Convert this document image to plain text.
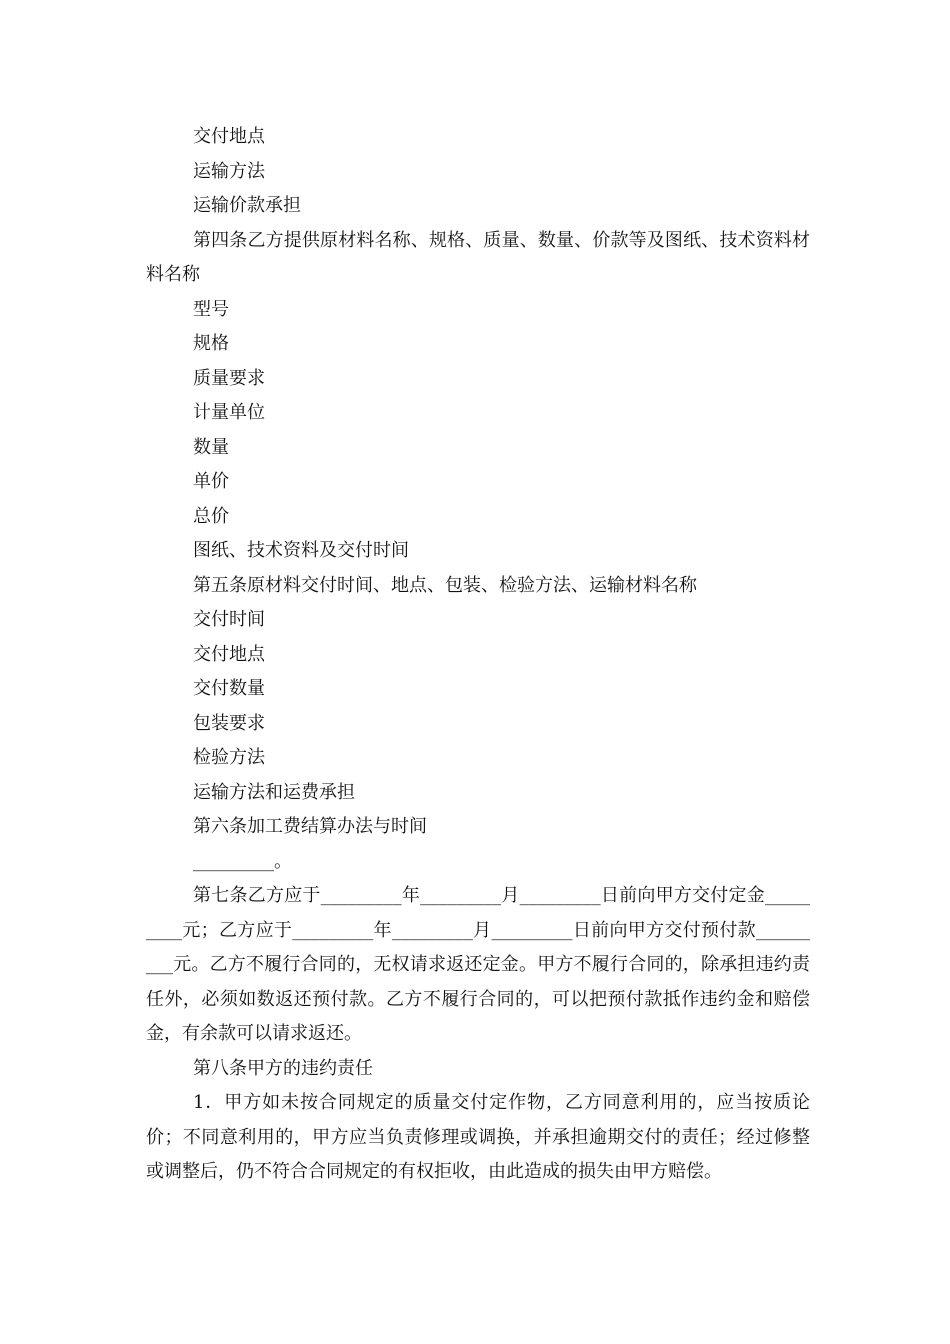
交付地点
运输方法
运输价款承担

第四条乙方提供原材料名称、规格、质量、数量、价款等及图纸、技术资料材料名称

型号
规格
质量要求
计量单位
数量
单价
总价
图纸、技术资料及交付时间
第五条原材料交付时间、地点、包装、检验方法、运输材料名称
交付时间
交付地点
交付数量
包装要求
检验方法
运输方法和运费承担
第六条加工费结算办法与时间
_________。

第七条乙方应于_________年_________月_________日前向甲方交付定金_________元；乙方应于_________年_________月_________日前向甲方交付预付款_________元。乙方不履行合同的，无权请求返还定金。甲方不履行合同的，除承担违约责任外，必须如数返还预付款。乙方不履行合同的，可以把预付款抵作违约金和赔偿金，有余款可以请求返还。

第八条甲方的违约责任

1．甲方如未按合同规定的质量交付定作物，乙方同意利用的，应当按质论价；不同意利用的，甲方应当负责修理或调换，并承担逾期交付的责任；经过修整或调整后，仍不符合合同规定的有权拒收，由此造成的损失由甲方赔偿。
